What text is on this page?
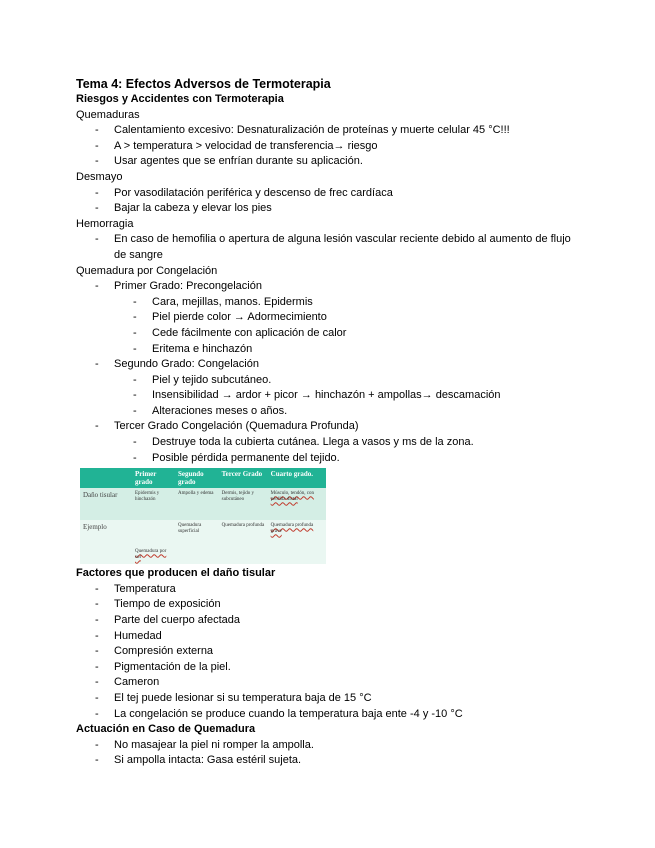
Tema 4: Efectos Adversos de Termoterapia
Riesgos y Accidentes con Termoterapia
Quemaduras
- Calentamiento excesivo: Desnaturalización de proteínas y muerte celular 45 °C!!!
- A > temperatura > velocidad de transferencia→ riesgo
- Usar agentes que se enfrían durante su aplicación.
Desmayo
- Por vasodilatación periférica y descenso de frec cardíaca
- Bajar la cabeza y elevar los pies
Hemorragia
- En caso de hemofilia o apertura de alguna lesión vascular reciente debido al aumento de flujo de sangre
Quemadura por Congelación
- Primer Grado: Precongelación
- Cara, mejillas, manos. Epidermis
- Piel pierde color → Adormecimiento
- Cede fácilmente con aplicación de calor
- Eritema e hinchazón
- Segundo Grado: Congelación
- Piel y tejido subcutáneo.
- Insensibilidad → ardor + picor → hinchazón + ampollas→ descamación
- Alteraciones meses o años.
- Tercer Grado Congelación (Quemadura Profunda)
- Destruye toda la cubierta cutánea. Llega a vasos y ms de la zona.
- Posible pérdida permanente del tejido.
	Primer grado	Segundo grado	Tercer Grado	Cuarto grado.
Daño tisular	Epidermis y hinchazón	Ampolla y edema	Dermis, tejido y subcutáneo	Músculo, tendón, con pérdida distal
Ejemplo	Quemadura por sol	Quemadura superficial	Quemadura profunda	Quemadura profunda grave
Factores que producen el daño tisular
- Temperatura
- Tiempo de exposición
- Parte del cuerpo afectada
- Humedad
- Compresión externa
- Pigmentación de la piel.
- Cameron
- El tej puede lesionar si su temperatura baja de 15 °C
- La congelación se produce cuando la temperatura baja ente -4 y -10 °C
Actuación en Caso de Quemadura
- No masajear la piel ni romper la ampolla.
- Si ampolla intacta: Gasa estéril sujeta.
